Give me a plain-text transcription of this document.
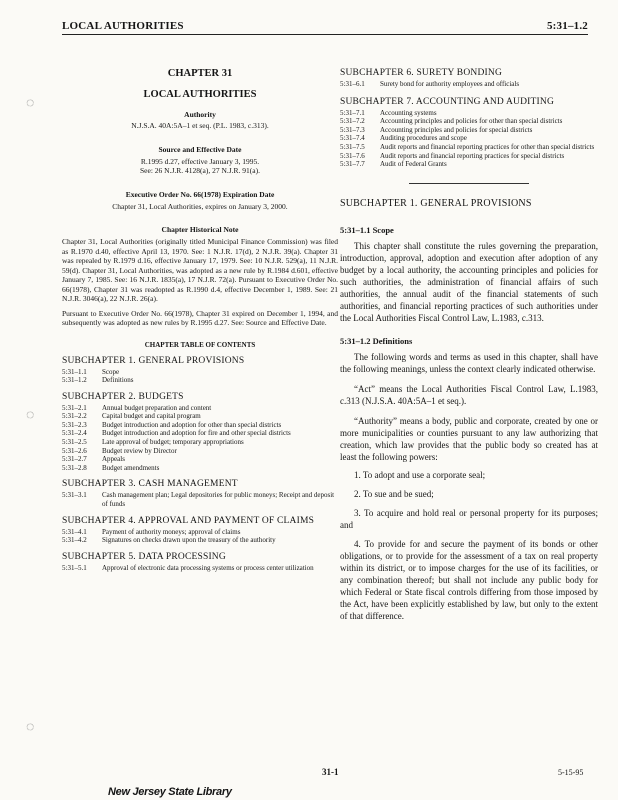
LOCAL AUTHORITIES	5:31–1.2
◌
◌
◌
CHAPTER 31
LOCAL AUTHORITIES
Authority
N.J.S.A. 40A:5A–1 et seq. (P.L. 1983, c.313).
Source and Effective Date
R.1995 d.27, effective January 3, 1995.
See: 26 N.J.R. 4128(a), 27 N.J.R. 91(a).
Executive Order No. 66(1978) Expiration Date
Chapter 31, Local Authorities, expires on January 3, 2000.
Chapter Historical Note
Chapter 31, Local Authorities (originally titled Municipal Finance Commission) was filed as R.1970 d.40, effective April 13, 1970. See: 1 N.J.R. 17(d), 2 N.J.R. 39(a). Chapter 31 was repealed by R.1979 d.16, effective January 17, 1979. See: 10 N.J.R. 529(a), 11 N.J.R. 59(d). Chapter 31, Local Authorities, was adopted as a new rule by R.1984 d.601, effective January 7, 1985. See: 16 N.J.R. 1835(a), 17 N.J.R. 72(a). Pursuant to Executive Order No. 66(1978), Chapter 31 was readopted as R.1990 d.4, effective December 1, 1989. See: 21 N.J.R. 3046(a), 22 N.J.R. 26(a).
Pursuant to Executive Order No. 66(1978), Chapter 31 expired on December 1, 1994, and subsequently was adopted as new rules by R.1995 d.27. See: Source and Effective Date.
CHAPTER TABLE OF CONTENTS
SUBCHAPTER 1. GENERAL PROVISIONS
5:31–1.1	Scope
5:31–1.2	Definitions
SUBCHAPTER 2. BUDGETS
5:31–2.1	Annual budget preparation and content
5:31–2.2	Capital budget and capital program
5:31–2.3	Budget introduction and adoption for other than special districts
5:31–2.4	Budget introduction and adoption for fire and other special districts
5:31–2.5	Late approval of budget; temporary appropriations
5:31–2.6	Budget review by Director
5:31–2.7	Appeals
5:31–2.8	Budget amendments
SUBCHAPTER 3. CASH MANAGEMENT
5:31–3.1	Cash management plan; Legal depositories for public moneys; Receipt and deposit of funds
SUBCHAPTER 4. APPROVAL AND PAYMENT OF CLAIMS
5:31–4.1	Payment of authority moneys; approval of claims
5:31–4.2	Signatures on checks drawn upon the treasury of the authority
SUBCHAPTER 5. DATA PROCESSING
5:31–5.1	Approval of electronic data processing systems or process center utilization
SUBCHAPTER 6. SURETY BONDING
5:31–6.1	Surety bond for authority employees and officials
SUBCHAPTER 7. ACCOUNTING AND AUDITING
5:31–7.1	Accounting systems
5:31–7.2	Accounting principles and policies for other than special districts
5:31–7.3	Accounting principles and policies for special districts
5:31–7.4	Auditing procedures and scope
5:31–7.5	Audit reports and financial reporting practices for other than special districts
5:31–7.6	Audit reports and financial reporting practices for special districts
5:31–7.7	Audit of Federal Grants
SUBCHAPTER 1. GENERAL PROVISIONS
5:31–1.1 Scope

This chapter shall constitute the rules governing the preparation, introduction, approval, adoption and execution after adoption of any budget by a local authority, the accounting principles and policies for such authorities, the administration of financial affairs of such authorities, the annual audit of the financial statements of such authorities, and financial reporting practices of such authorities under the Local Authorities Fiscal Control Law, L.1983, c.313.

5:31–1.2 Definitions

The following words and terms as used in this chapter, shall have the following meanings, unless the context clearly indicated otherwise.

“Act” means the Local Authorities Fiscal Control Law, L.1983, c.313 (N.J.S.A. 40A:5A–1 et seq.).

“Authority” means a body, public and corporate, created by one or more municipalities or counties pursuant to any law authorizing that creation, which law provides that the public body so created has at least the following powers:

1. To adopt and use a corporate seal;

2. To sue and be sued;

3. To acquire and hold real or personal property for its purposes; and

4. To provide for and secure the payment of its bonds or other obligations, or to provide for the assessment of a tax on real property within its district, or to impose charges for the use of its facilities, or any combination thereof; but shall not include any public body for which Federal or State fiscal controls differing from those imposed by the Act, have been explicitly established by law, but only to the extent of that difference.

31-1	5-15-95
New Jersey State Library
